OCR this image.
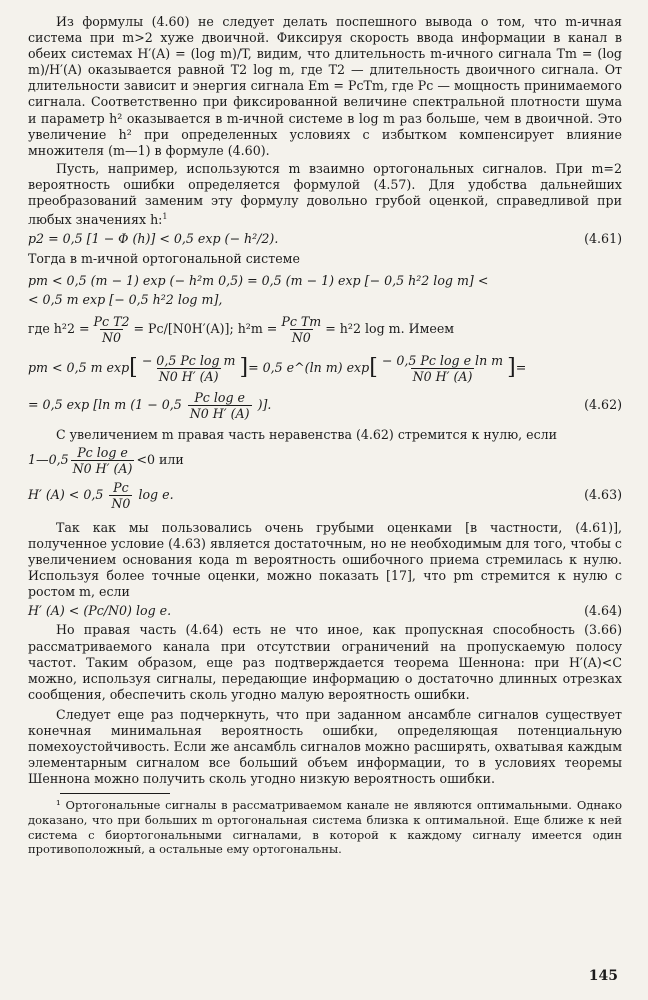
Из формулы (4.60) не следует делать поспешного вывода о том, что m-ичная система при m>2 хуже двоичной. Фиксируя скорость ввода информации в канал в обеих системах H′(A) = (log m)/T, видим, что длительность m-ичного сигнала Tm = (log m)/H′(A) оказывается равной T2 log m, где T2 — длительность двоичного сигнала. От длительности зависит и энергия сигнала Em = PcTm, где Pc — мощность принимаемого сигнала. Соответственно при фиксированной величине спектральной плотности шума и параметр h² оказывается в m-ичной системе в log m раз больше, чем в двоичной. Это увеличение h² при определенных условиях с избытком компенсирует влияние множителя (m—1) в формуле (4.60).

Пусть, например, используются m взаимно ортогональных сигналов. При m=2 вероятность ошибки определяется формулой (4.57). Для удобства дальнейших преобразований заменим эту формулу довольно грубой оценкой, справедливой при любых значениях h:$^1$

p2 = 0,5 [1 − Φ (h)] < 0,5 exp (− h²/2).	(4.61)

Тогда в m-ичной ортогональной системе

pm < 0,5 (m − 1) exp (− h²m 0,5) = 0,5 (m − 1) exp [− 0,5 h²2 log m] <
< 0,5 m exp [− 0,5 h²2 log m],
где $h^22 = \frac{\text{Pc T2}}{N0} = Pc/[N0H'(A)]$; $h^2m = \frac{\text{Pc Tm}}{N0} = h^22$ log m. Имеем
pm < 0,5 m exp [ $\frac{\text{− 0,5 Pc log m}}{N0 H' (A)}$ ] = 0,5 e^(ln m) exp [ $\frac{\text{− 0,5 Pc log e ln m}}{N0 H' (A)}$ ] =
= 0,5 exp [ln m ($1 - 0,5 \frac{\text{Pc log e}}{N0 H' (A)}$ )].	(4.62)

С увеличением m правая часть неравенства (4.62) стремится к нулю, если

1—0,5 $\frac{\text{Pc log e}}{N0 H' (A)} <0$ или
H′ $(A) < 0,5 \frac{Pc}{N0}$ log e.	(4.63)

Так как мы пользовались очень грубыми оценками [в частности, (4.61)], полученное условие (4.63) является достаточным, но не необходимым для того, чтобы с увеличением основания кода m вероятность ошибочного приема стремилась к нулю. Используя более точные оценки, можно показать [17], что pm стремится к нулю с ростом m, если

H′ (A) < (Pc/N0) log e.	(4.64)

Но правая часть (4.64) есть не что иное, как пропускная способность (3.66) рассматриваемого канала при отсутствии ограничений на пропускаемую полосу частот. Таким образом, еще раз подтверждается теорема Шеннона: при H′(A)<C можно, используя сигналы, передающие информацию о достаточно длинных отрезках сообщения, обеспечить сколь угодно малую вероятность ошибки.

Следует еще раз подчеркнуть, что при заданном ансамбле сигналов существует конечная минимальная вероятность ошибки, определяющая потенциальную помехоустойчивость. Если же ансамбль сигналов можно расширять, охватывая каждым элементарным сигналом все больший объем информации, то в условиях теоремы Шеннона можно получить сколь угодно низкую вероятность ошибки.

¹ Ортогональные сигналы в рассматриваемом канале не являются оптимальными. Однако доказано, что при больших m ортогональная система близка к оптимальной. Еще ближе к ней система с биортогональными сигналами, в которой к каждому сигналу имеется один противоположный, а остальные ему ортогональны.

145
